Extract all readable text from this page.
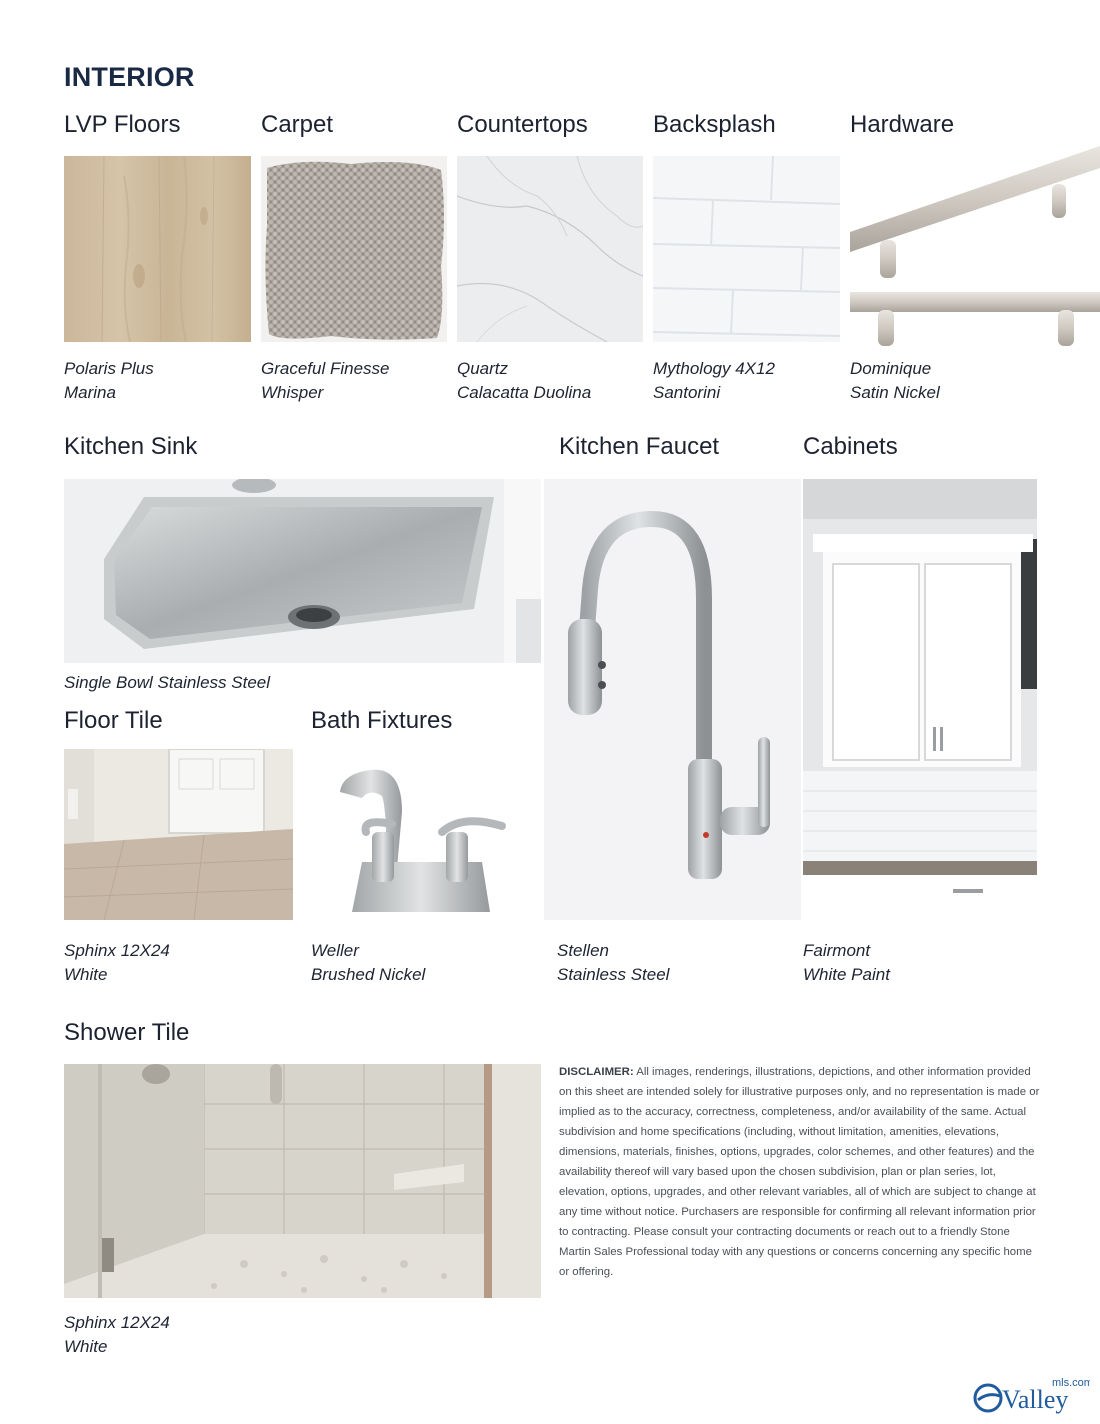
INTERIOR
LVP Floors	Carpet	Countertops	Backsplash	Hardware
Polaris Plus
Marina
Graceful Finesse
Whisper
Quartz
Calacatta Duolina
Mythology 4X12
Santorini
Dominique
Satin Nickel
Kitchen Sink	Kitchen Faucet	Cabinets
Single Bowl Stainless Steel
Floor Tile	Bath Fixtures
Sphinx 12X24
White
Weller
Brushed Nickel
Stellen
Stainless Steel
Fairmont
White Paint
Shower Tile
Sphinx 12X24
White
DISCLAIMER: All images, renderings, illustrations, depictions, and other information provided on this sheet are intended solely for illustrative purposes only, and no representation is made or implied as to the accuracy, correctness, completeness, and/or availability of the same. Actual subdivision and home specifications (including, without limitation, amenities, elevations, dimensions, materials, finishes, options, upgrades, color schemes, and other features) and the availability thereof will vary based upon the chosen subdivision, plan or plan series, lot, elevation, options, upgrades, and other relevant variables, all of which are subject to change at any time without notice. Purchasers are responsible for confirming all relevant information prior to contracting. Please consult your contracting documents or reach out to a friendly Stone Martin Sales Professional today with any questions or concerns concerning any specific home or offering.
mls.com
Valley
